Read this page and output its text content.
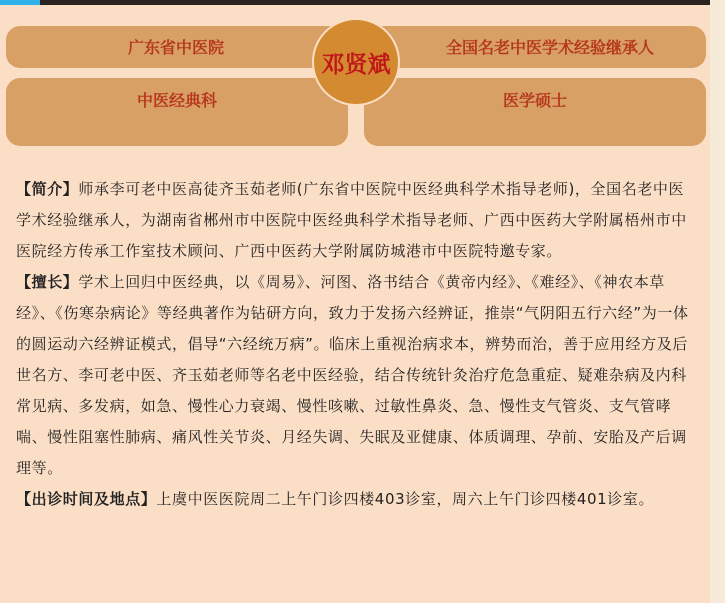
广东省中医院	全国名老中医学术经验继承人
中医经典科	医学硕士
邓贤斌

【简介】师承李可老中医高徒齐玉茹老师(广东省中医院中医经典科学术指导老师)，全国名老中医学术经验继承人，为湖南省郴州市中医院中医经典科学术指导老师、广西中医药大学附属梧州市中医院经方传承工作室技术顾问、广西中医药大学附属防城港市中医院特邀专家。

【擅长】学术上回归中医经典，以《周易》、河图、洛书结合《黄帝内经》、《难经》、《神农本草经》、《伤寒杂病论》等经典著作为钻研方向，致力于发扬六经辨证，推崇“气阴阳五行六经”为一体的圆运动六经辨证模式，倡导“六经统万病”。临床上重视治病求本，辨势而治，善于应用经方及后世名方、李可老中医、齐玉茹老师等名老中医经验，结合传统针灸治疗危急重症、疑难杂病及内科常见病、多发病，如急、慢性心力衰竭、慢性咳嗽、过敏性鼻炎、急、慢性支气管炎、支气管哮喘、慢性阻塞性肺病、痛风性关节炎、月经失调、失眠及亚健康、体质调理、孕前、安胎及产后调理等。

【出诊时间及地点】上虞中医医院周二上午门诊四楼403诊室，周六上午门诊四楼401诊室。
